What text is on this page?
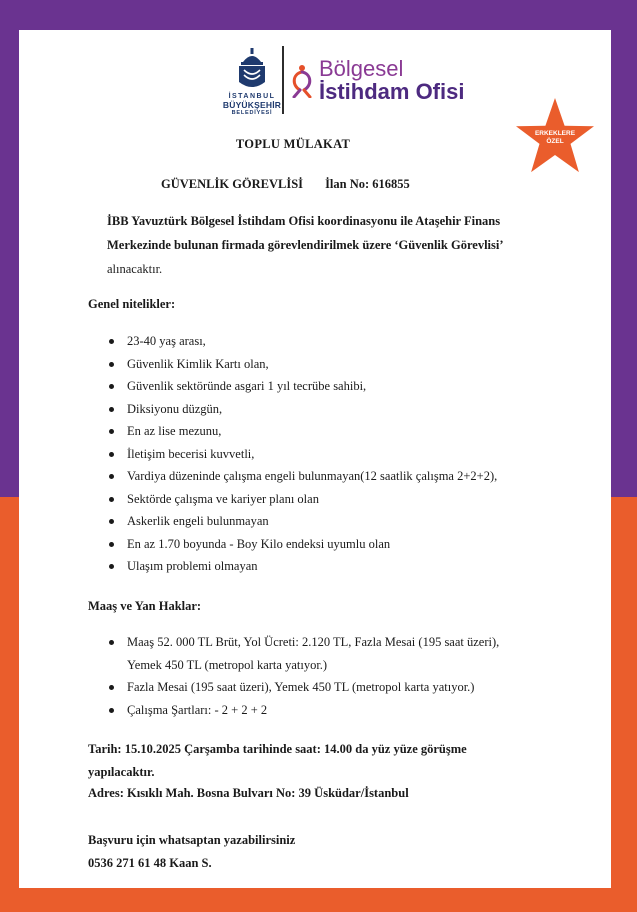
İSTANBUL
BÜYÜKŞEHİR
BELEDİYESİ
Bölgesel
İstihdam Ofisi
ERKEKLERE
ÖZEL
TOPLU MÜLAKAT
GÜVENLİK GÖREVLİSİ İlan No: 616855

İBB Yavuztürk Bölgesel İstihdam Ofisi koordinasyonu ile Ataşehir Finans
Merkezinde bulunan firmada görevlendirilmek üzere ‘Güvenlik Görevlisi’
alınacaktır.

Genel nitelikler:

23-40 yaş arası,
Güvenlik Kimlik Kartı olan,
Güvenlik sektöründe asgari 1 yıl tecrübe sahibi,
Diksiyonu düzgün,
En az lise mezunu,
İletişim becerisi kuvvetli,
Vardiya düzeninde çalışma engeli bulunmayan(12 saatlik çalışma 2+2+2),
Sektörde çalışma ve kariyer planı olan
Askerlik engeli bulunmayan
En az 1.70 boyunda - Boy Kilo endeksi uyumlu olan
Ulaşım problemi olmayan

Maaş ve Yan Haklar:

Maaş 52. 000 TL Brüt, Yol Ücreti: 2.120 TL, Fazla Mesai (195 saat üzeri),
Yemek 450 TL (metropol karta yatıyor.)
Fazla Mesai (195 saat üzeri), Yemek 450 TL (metropol karta yatıyor.)
Çalışma Şartları: - 2 + 2 + 2

Tarih: 15.10.2025 Çarşamba tarihinde saat: 14.00 da yüz yüze görüşme
yapılacaktır.

Adres: Kısıklı Mah. Bosna Bulvarı No: 39 Üsküdar/İstanbul

Başvuru için whatsaptan yazabilirsiniz
0536 271 61 48 Kaan S.
